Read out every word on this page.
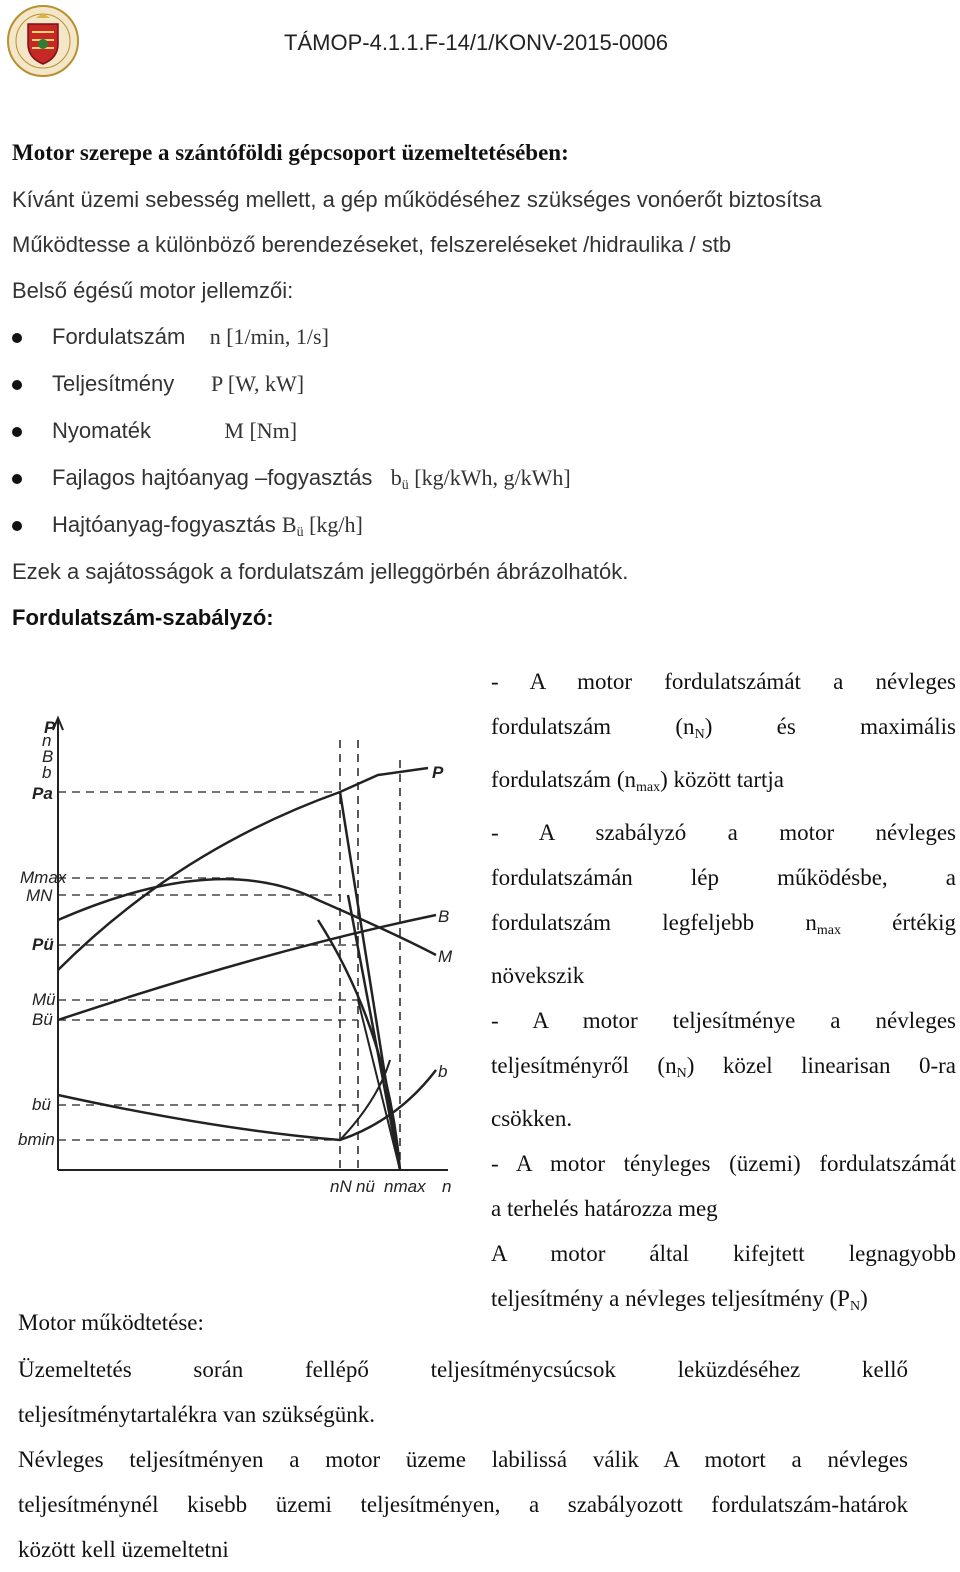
TÁMOP-4.1.1.F-14/1/KONV-2015-0006
Motor szerepe a szántóföldi gépcsoport üzemeltetésében:
Kívánt üzemi sebesség mellett, a gép működéséhez szükséges vonóerőt biztosítsa
Működtesse a különböző berendezéseket, felszereléseket /hidraulika / stb
Belső égésű motor jellemzői:
Fordulatszám n [1/min, 1/s]
Teljesítmény P [W, kW]
Nyomaték	M [Nm]
Fajlagos hajtóanyag –fogyasztás $b_ü$ [kg/kWh, g/kWh]
Hajtóanyag-fogyasztás $B_ü$ [kg/h]
Ezek a sajátosságok a fordulatszám jelleggörbén ábrázolhatók.
Fordulatszám-szabályzó:
P
n
B
b
Pa
Mmax
MN
Pü
Mü
Bü
bü
bmin
P
B
M
b
nN nü nmax n

- A motor fordulatszámát a névleges

fordulatszám $(n_N)$ és maximális

fordulatszám $(n_{max})$ között tartja

- A szabályzó a motor névleges

fordulatszámán lép működésbe, a

fordulatszám legfeljebb $n_{max}$ értékig

növekszik

- A motor teljesítménye a névleges

teljesítményről $(n_N)$ közel linearisan 0-ra

csökken.

- A motor tényleges (üzemi) fordulatszámát

a terhelés határozza meg

A motor által kifejtett legnagyobb

teljesítmény a névleges teljesítmény $(P_N)$

Motor működtetése:

Üzemeltetés során fellépő teljesítménycsúcsok leküzdéséhez kellő

teljesítménytartalékra van szükségünk.

Névleges teljesítményen a motor üzeme labilissá válik A motort a névleges

teljesítménynél kisebb üzemi teljesítményen, a szabályozott fordulatszám-határok

között kell üzemeltetni
